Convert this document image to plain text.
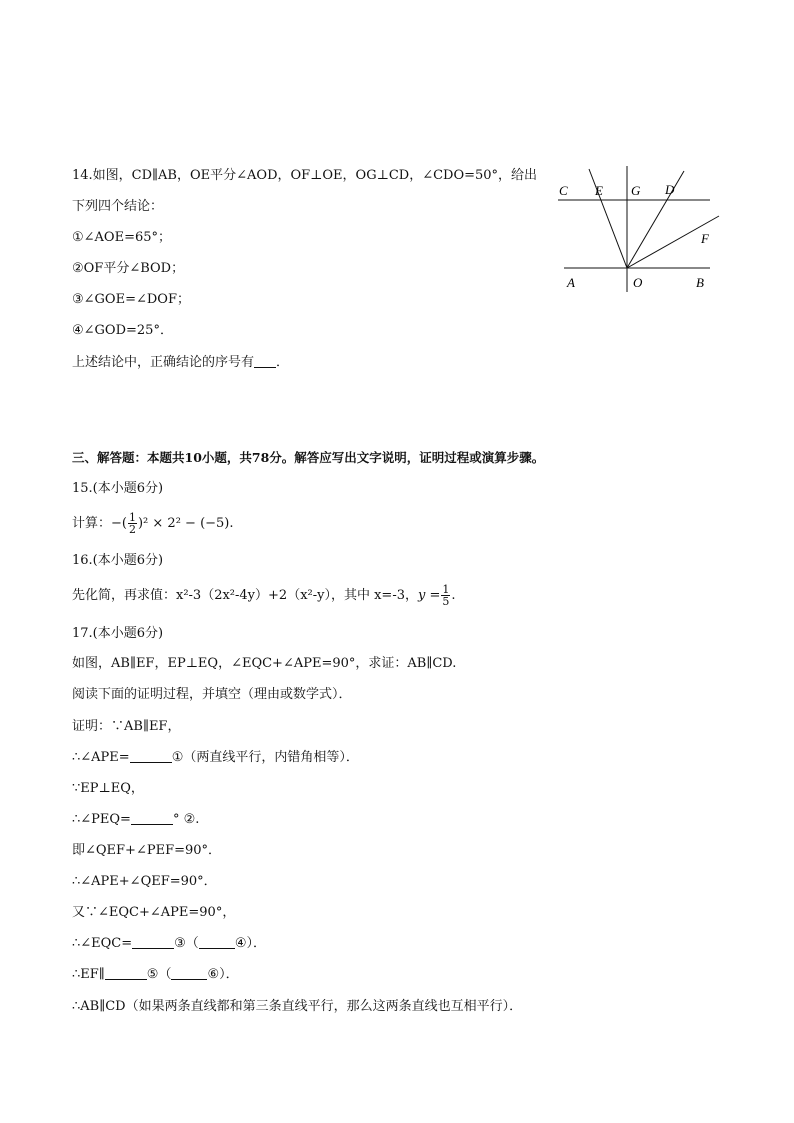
14.如图，CD∥AB，OE平分∠AOD，OF⊥OE，OG⊥CD，∠CDO=50°，给出
下列四个结论：
①∠AOE=65°；
②OF平分∠BOD；
③∠GOE=∠DOF；
④∠GOD=25°．
上述结论中，正确结论的序号有 ．
C E G D
F
A	O	B
三、解答题：本题共10小题，共78分。解答应写出文字说明，证明过程或演算步骤。
15.(本小题6分)
计算：−( $\frac{1}{2} )^2 \times 2^2 - (-5)$.
16.(本小题6分)
先化简，再求值：x²-3（2x²-4y）+2（x²-y），其中 x=-3，$y = \frac{1}{5}$ .
17.(本小题6分)
如图，AB∥EF，EP⊥EQ，∠EQC+∠APE=90°，求证：AB∥CD.
阅读下面的证明过程，并填空（理由或数学式）．
证明：∵AB∥EF，
∴∠APE=	①（两直线平行，内错角相等）．
∵EP⊥EQ，
∴∠PEQ=	° ②.
即∠QEF+∠PEF=90°．
∴∠APE+∠QEF=90°．
又∵∠EQC+∠APE=90°，
∴∠EQC=	③（	④）．
∴EF∥	⑤（	⑥）．
∴AB∥CD（如果两条直线都和第三条直线平行，那么这两条直线也互相平行）．
